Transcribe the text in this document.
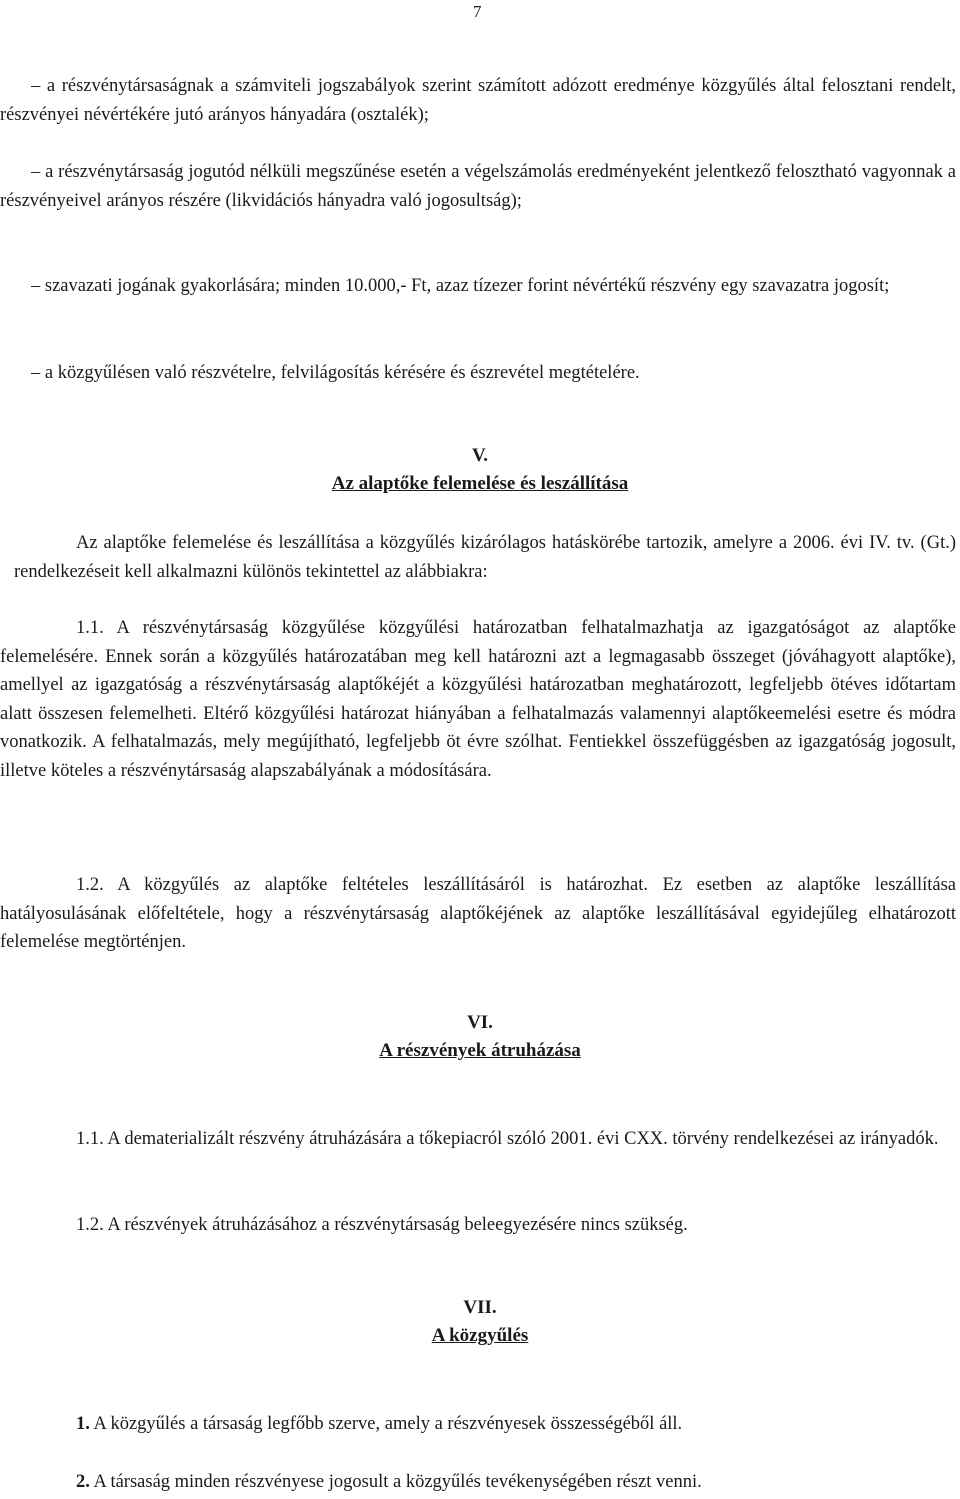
7

– a részvénytársaságnak a számviteli jogszabályok szerint számított adózott eredménye közgyűlés által felosztani rendelt, részvényei névértékére jutó arányos hányadára (osztalék);

– a részvénytársaság jogutód nélküli megszűnése esetén a végelszámolás eredményeként jelentkező felosztható vagyonnak a részvényeivel arányos részére (likvidációs hányadra való jogosultság);

– szavazati jogának gyakorlására; minden 10.000,- Ft, azaz tízezer forint névértékű részvény egy szavazatra jogosít;

– a közgyűlésen való részvételre, felvilágosítás kérésére és észrevétel megtételére.

V.

Az alaptőke felemelése és leszállítása

Az alaptőke felemelése és leszállítása a közgyűlés kizárólagos hatáskörébe tartozik, amelyre a 2006. évi IV. tv. (Gt.) rendelkezéseit kell alkalmazni különös tekintettel az alábbiakra:

1.1. A részvénytársaság közgyűlése közgyűlési határozatban felhatalmazhatja az igazgatóságot az alaptőke felemelésére. Ennek során a közgyűlés határozatában meg kell határozni azt a legmagasabb összeget (jóváhagyott alaptőke), amellyel az igazgatóság a részvénytársaság alaptőkéjét a közgyűlési határozatban meghatározott, legfeljebb ötéves időtartam alatt összesen felemelheti. Eltérő közgyűlési határozat hiányában a felhatalmazás valamennyi alaptőkeemelési esetre és módra vonatkozik. A felhatalmazás, mely megújítható, legfeljebb öt évre szólhat. Fentiekkel összefüggésben az igazgatóság jogosult, illetve köteles a részvénytársaság alapszabályának a módosítására.

1.2. A közgyűlés az alaptőke feltételes leszállításáról is határozhat. Ez esetben az alaptőke leszállítása hatályosulásának előfeltétele, hogy a részvénytársaság alaptőkéjének az alaptőke leszállításával egyidejűleg elhatározott felemelése megtörténjen.

VI.

A részvények átruházása

1.1. A dematerializált részvény átruházására a tőkepiacról szóló 2001. évi CXX. törvény rendelkezései az irányadók.

1.2. A részvények átruházásához a részvénytársaság beleegyezésére nincs szükség.

VII.

A közgyűlés

1. A közgyűlés a társaság legfőbb szerve, amely a részvényesek összességéből áll.

2. A társaság minden részvényese jogosult a közgyűlés tevékenységében részt venni.
